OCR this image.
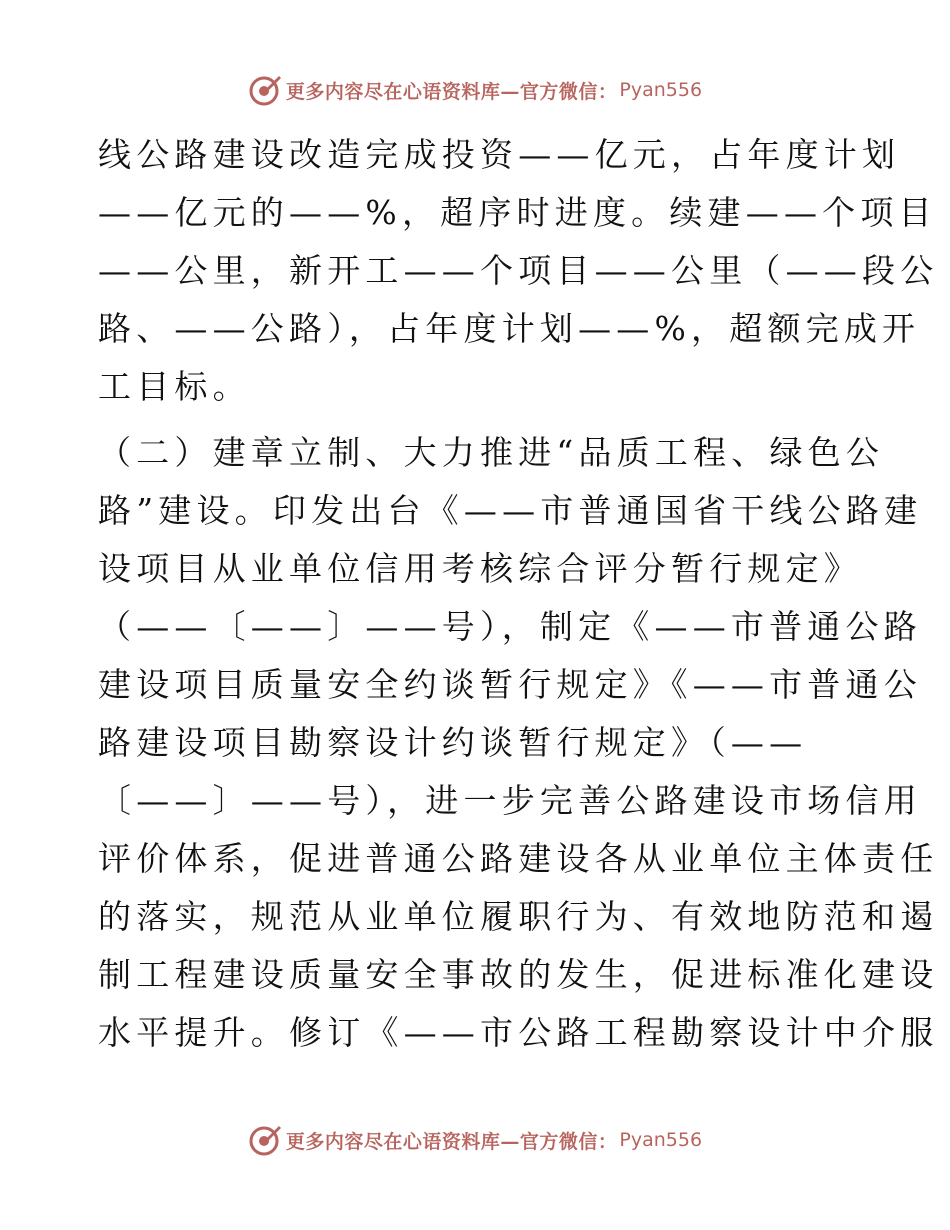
更多内容尽在心语资料库—官方微信： Pyan556
线公路建设改造完成投资——亿元，占年度计划
——亿元的——%，超序时进度。续建——个项目
——公里，新开工——个项目——公里（——段公
路、——公路），占年度计划——%，超额完成开
工目标。
（二）建章立制、大力推进“品质工程、绿色公
路”建设。印发出台《——市普通国省干线公路建
设项目从业单位信用考核综合评分暂行规定》
（——〔——〕——号），制定《——市普通公路
建设项目质量安全约谈暂行规定》《——市普通公
路建设项目勘察设计约谈暂行规定》（——
〔——〕——号），进一步完善公路建设市场信用
评价体系，促进普通公路建设各从业单位主体责任
的落实，规范从业单位履职行为、有效地防范和遏
制工程建设质量安全事故的发生，促进标准化建设
水平提升。修订《——市公路工程勘察设计中介服
更多内容尽在心语资料库—官方微信： Pyan556
